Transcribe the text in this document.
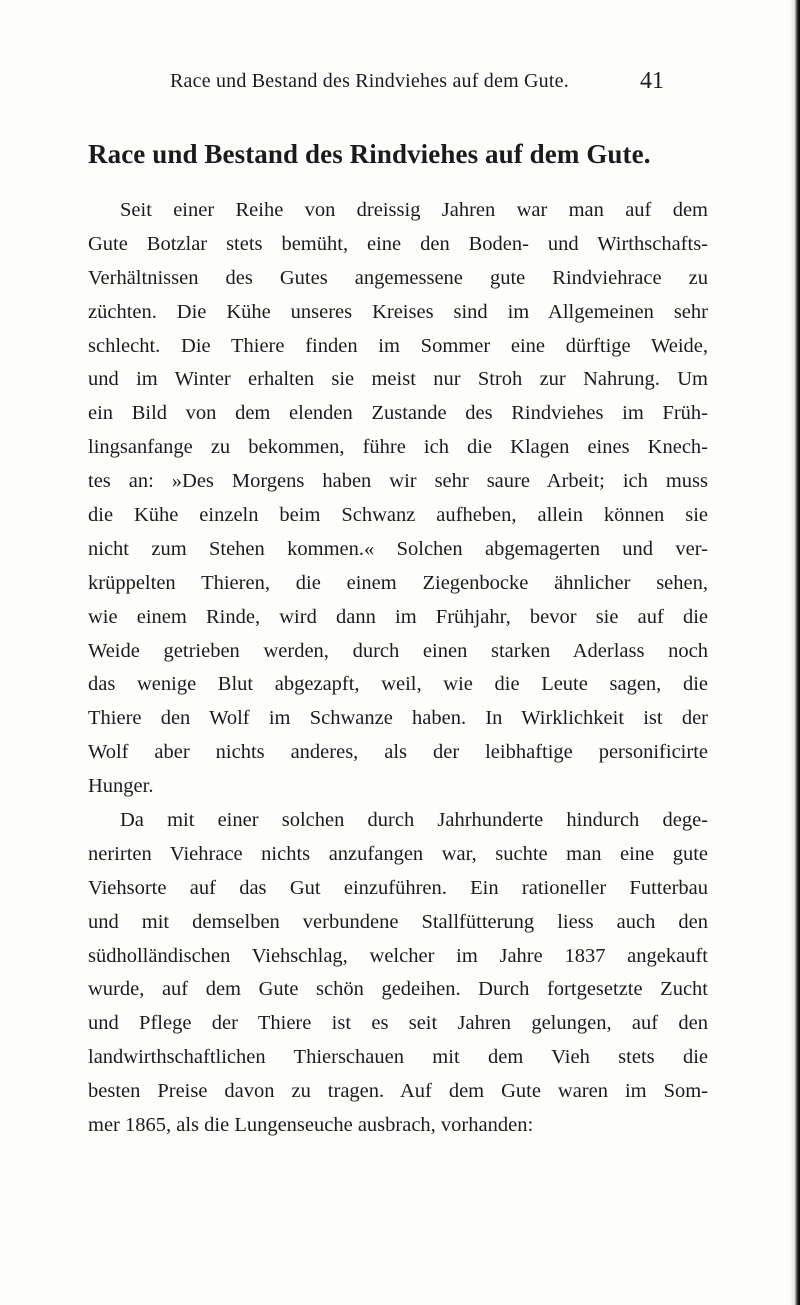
Race und Bestand des Rindviehes auf dem Gute.	41
Race und Bestand des Rindviehes auf dem Gute.
Seit einer Reihe von dreissig Jahren war man auf dem
Gute Botzlar stets bemüht, eine den Boden- und Wirthschafts-
Verhältnissen des Gutes angemessene gute Rindviehrace zu
züchten. Die Kühe unseres Kreises sind im Allgemeinen sehr
schlecht. Die Thiere finden im Sommer eine dürftige Weide,
und im Winter erhalten sie meist nur Stroh zur Nahrung. Um
ein Bild von dem elenden Zustande des Rindviehes im Früh-
lingsanfange zu bekommen, führe ich die Klagen eines Knech-
tes an: »Des Morgens haben wir sehr saure Arbeit; ich muss
die Kühe einzeln beim Schwanz aufheben, allein können sie
nicht zum Stehen kommen.« Solchen abgemagerten und ver-
krüppelten Thieren, die einem Ziegenbocke ähnlicher sehen,
wie einem Rinde, wird dann im Frühjahr, bevor sie auf die
Weide getrieben werden, durch einen starken Aderlass noch
das wenige Blut abgezapft, weil, wie die Leute sagen, die
Thiere den Wolf im Schwanze haben. In Wirklichkeit ist der
Wolf aber nichts anderes, als der leibhaftige personificirte
Hunger.
Da mit einer solchen durch Jahrhunderte hindurch dege-
nerirten Viehrace nichts anzufangen war, suchte man eine gute
Viehsorte auf das Gut einzuführen. Ein rationeller Futterbau
und mit demselben verbundene Stallfütterung liess auch den
südholländischen Viehschlag, welcher im Jahre 1837 angekauft
wurde, auf dem Gute schön gedeihen. Durch fortgesetzte Zucht
und Pflege der Thiere ist es seit Jahren gelungen, auf den
landwirthschaftlichen Thierschauen mit dem Vieh stets die
besten Preise davon zu tragen. Auf dem Gute waren im Som-
mer 1865, als die Lungenseuche ausbrach, vorhanden:
